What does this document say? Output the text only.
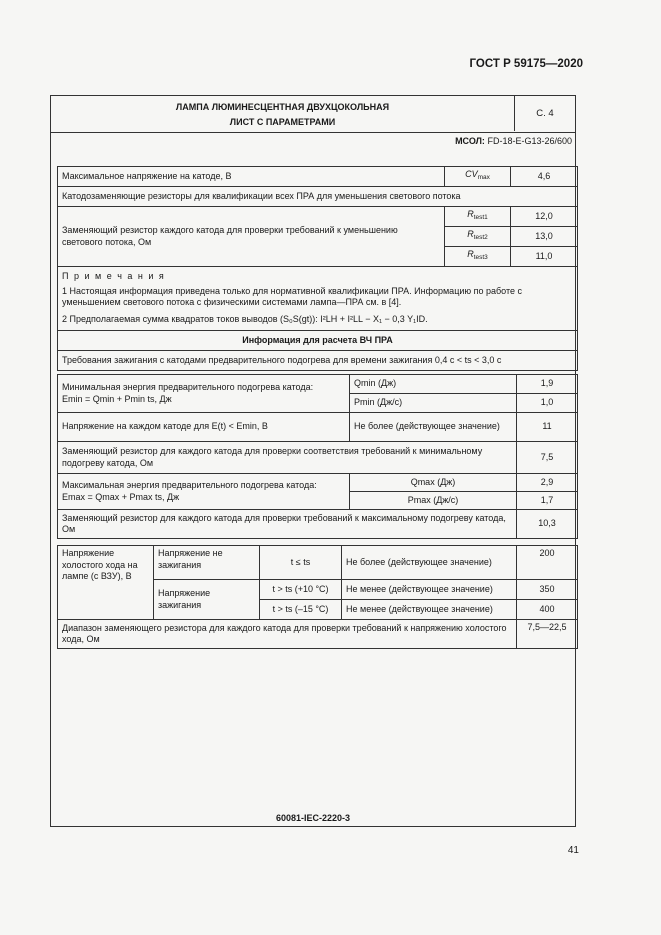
ГОСТ Р 59175—2020
ЛАМПА ЛЮМИНЕСЦЕНТНАЯ ДВУХЦОКОЛЬНАЯ
ЛИСТ С ПАРАМЕТРАМИ
С. 4
МСОЛ: FD-18-E-G13-26/600
Максимальное напряжение на катоде, В	$CV_{max}$	4,6
Катодозаменяющие резисторы для квалификации всех ПРА для уменьшения светового потока		
Заменяющий резистор каждого катода для проверки требований к уменьшению светового потока, Ом	$R_{test1}$	12,0
	$R_{test2}$	13,0
	$R_{test3}$	11,0

П р и м е ч а н и я
1 Настоящая информация приведена только для нормативной квалификации ПРА. Информацию по работе с уменьшением светового потока с физическими системами лампа—ПРА см. в [4].
2 Предполагаемая сумма квадратов токов выводов (S₀S(gt)): I²LH + I²LL − X₁ − 0,3 Y₁ID.		

Информация для расчета ВЧ ПРА		
Требования зажигания с катодами предварительного подогрева для времени зажигания 0,4 с < ts < 3,0 с		
Минимальная энергия предварительного подогрева катода:
Emin = Qmin + Pmin ts, Дж	Qmin (Дж)	1,9
	Pmin (Дж/с)	1,0
Напряжение на каждом катоде для E(t) < Emin, В	Не более (действующее значение)	11
Заменяющий резистор для каждого катода для проверки соответствия требований к минимальному подогреву катода, Ом		7,5

Максимальная энергия предварительного подогрева катода:
Emax = Qmax + Pmax ts, Дж	Qmax (Дж)	2,9
	Pmax (Дж/с)	1,7
Заменяющий резистор для каждого катода для проверки требований к максимальному подогреву катода, Ом		10,3
Напряжение холостого хода на лампе (с ВЗУ), В	Напряжение не зажигания	t ≤ ts	Не более (действующее значение)	200
	Напряжение зажигания	t > ts (+10 °C)	Не менее (действующее значение)	350
		t > ts (–15 °C)	Не менее (действующее значение)	400
Диапазон заменяющего резистора для каждого катода для проверки требований к напряжению холостого хода, Ом				7,5—22,5
60081-IEC-2220-3
41
